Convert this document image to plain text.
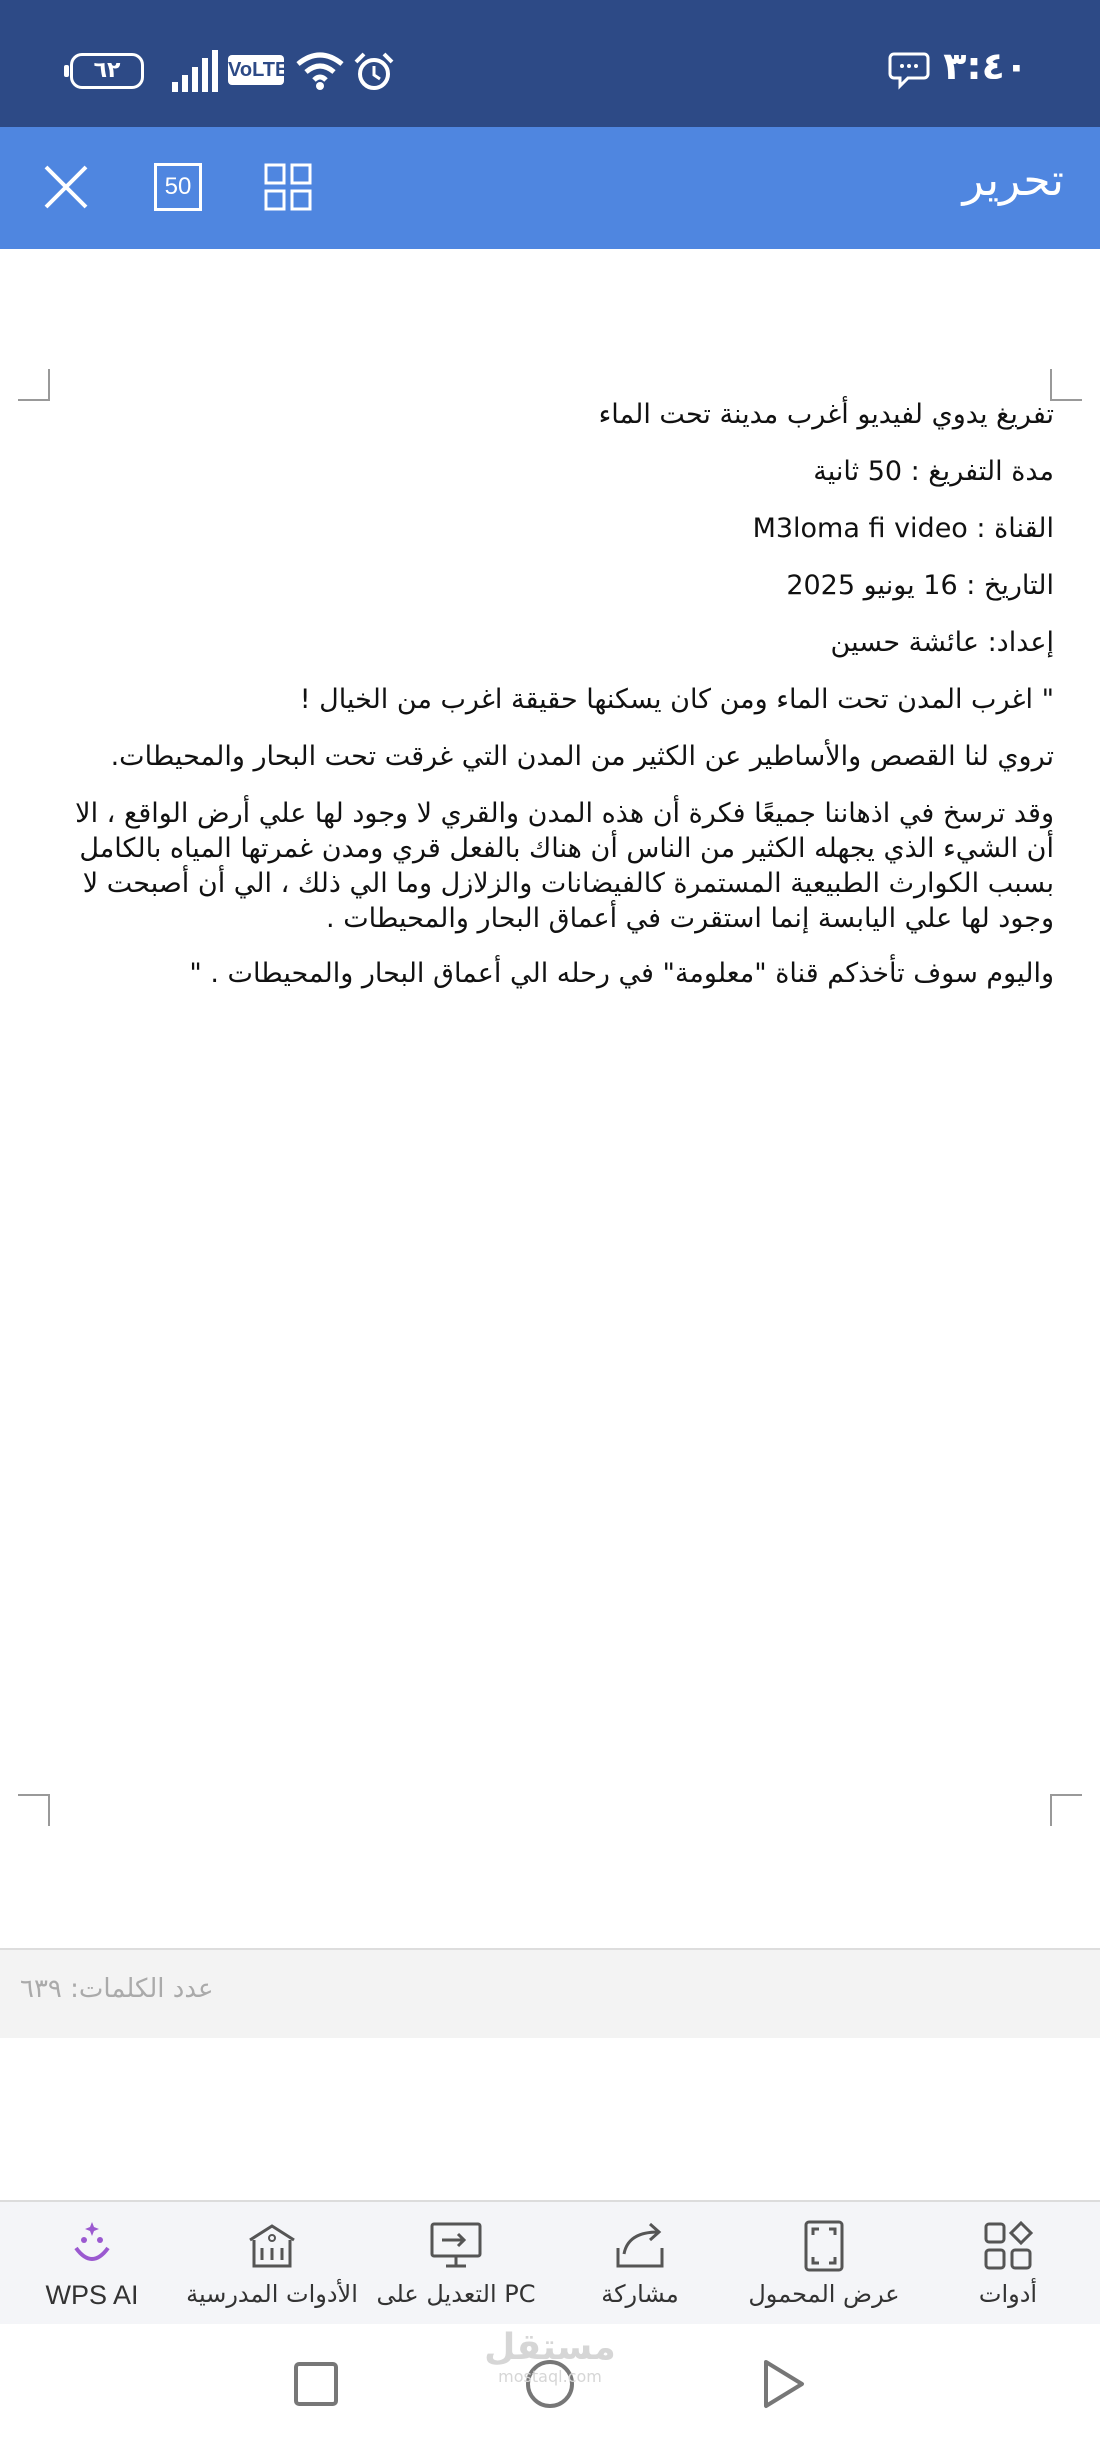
٣:٤٠
VoLTE
٦٢
50	تحرير

تفريغ يدوي لفيديو أغرب مدينة تحت الماء

مدة التفريغ : 50 ثانية

القناة : M3loma fi video

التاريخ : 16 يونيو 2025

إعداد: عائشة حسين

" اغرب المدن تحت الماء ومن كان يسكنها حقيقة اغرب من الخيال !

تروي لنا القصص والأساطير عن الكثير من المدن التي غرقت تحت البحار والمحيطات.

وقد ترسخ في اذهاننا جميعًا فكرة أن هذه المدن والقري لا وجود لها علي أرض الواقع ، الا أن الشيء الذي يجهله الكثير من الناس أن هناك بالفعل قري ومدن غمرتها المياه بالكامل بسبب الكوارث الطبيعية المستمرة كالفيضانات والزلازل وما الي ذلك ، الي أن أصبحت لا وجود لها علي اليابسة إنما استقرت في أعماق البحار والمحيطات .

واليوم سوف تأخذكم قناة "معلومة" في رحله الي أعماق البحار والمحيطات . "

عدد الكلمات: ٦٣٩
أدوات
عرض المحمول
مشاركة
التعديل على PC
الأدوات المدرسية
WPS AI
مستقل
mostaql.com
